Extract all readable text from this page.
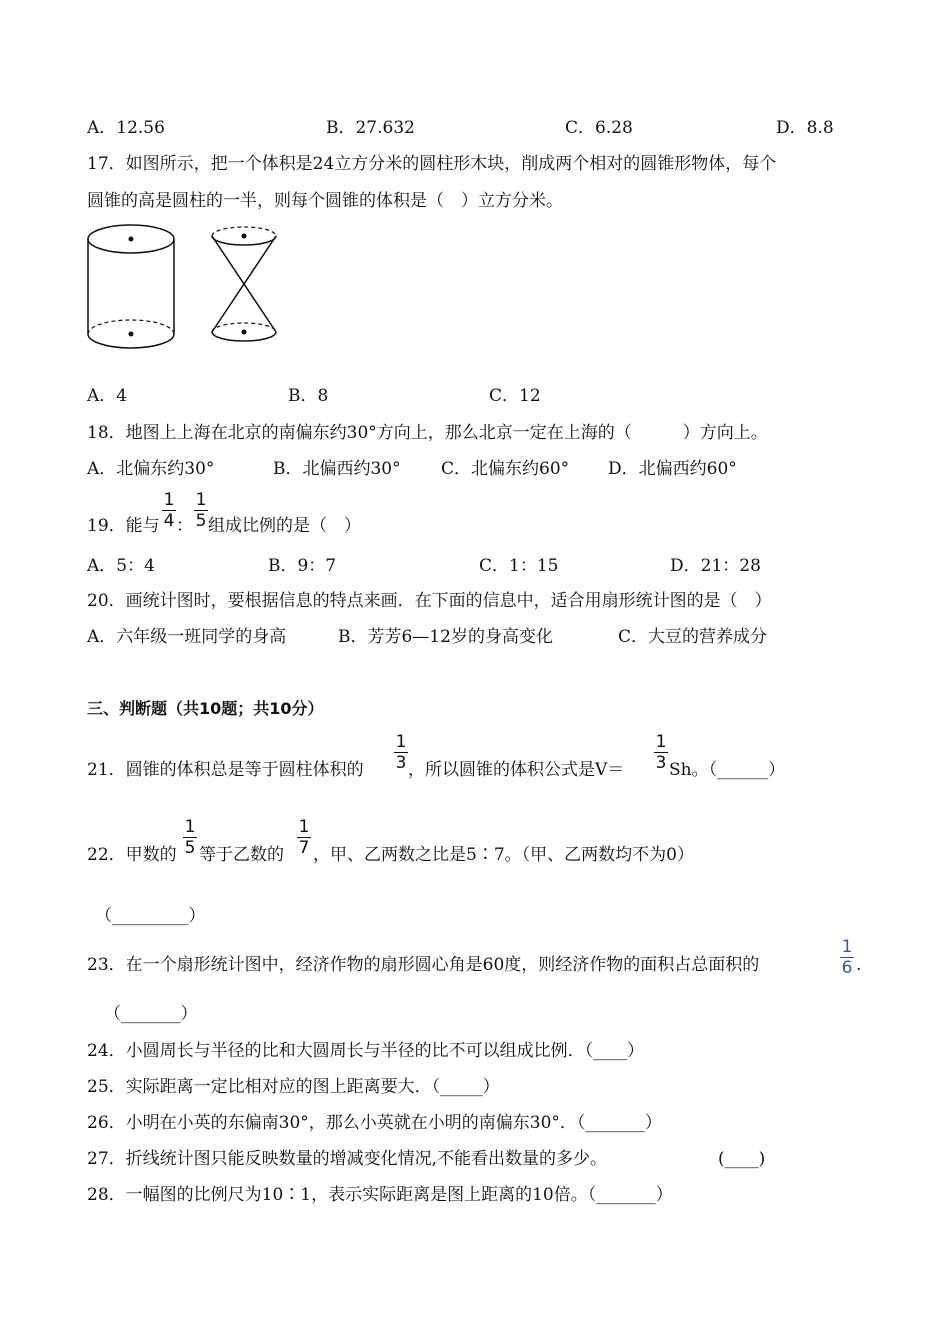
A．12.56	B．27.632	C．6.28	D．8.8
17．如图所示，把一个体积是24立方分米的圆柱形木块，削成两个相对的圆锥形物体，每个
圆锥的高是圆柱的一半，则每个圆锥的体积是（　）立方分米。
A．4	B．8	C．12
18．地图上上海在北京的南偏东约30°方向上，那么北京一定在上海的（　　　）方向上。
A．北偏东约30°	B．北偏西约30° C．北偏东约60° D．北偏西约60°
19．能与
1
4 ：
1
5 组成比例的是（　）
A．5：4	B．9：7	C．1：15	D．21：28
20．画统计图时，要根据信息的特点来画．在下面的信息中，适合用扇形统计图的是（　）
A．六年级一班同学的身高	B．芳芳6—12岁的身高变化	C．大豆的营养成分
三、判断题（共10题；共10分）
21．圆锥的体积总是等于圆柱体积的
1
3 ，所以圆锥的体积公式是V＝
1
3 Sh。（______）
22．甲数的
1
5 等于乙数的
1
7 ，甲、乙两数之比是5∶7。（甲、乙两数均不为0）
（_________）
23．在一个扇形统计图中，经济作物的扇形圆心角是60度，则经济作物的面积占总面积的
1
6 .
（_______）
24．小圆周长与半径的比和大圆周长与半径的比不可以组成比例．（____）
25．实际距离一定比相对应的图上距离要大．（_____）
26．小明在小英的东偏南30°，那么小英就在小明的南偏东30°．（_______）
27．折线统计图只能反映数量的增减变化情况,不能看出数量的多少。	(____)
28．一幅图的比例尺为10∶1，表示实际距离是图上距离的10倍。（_______）
